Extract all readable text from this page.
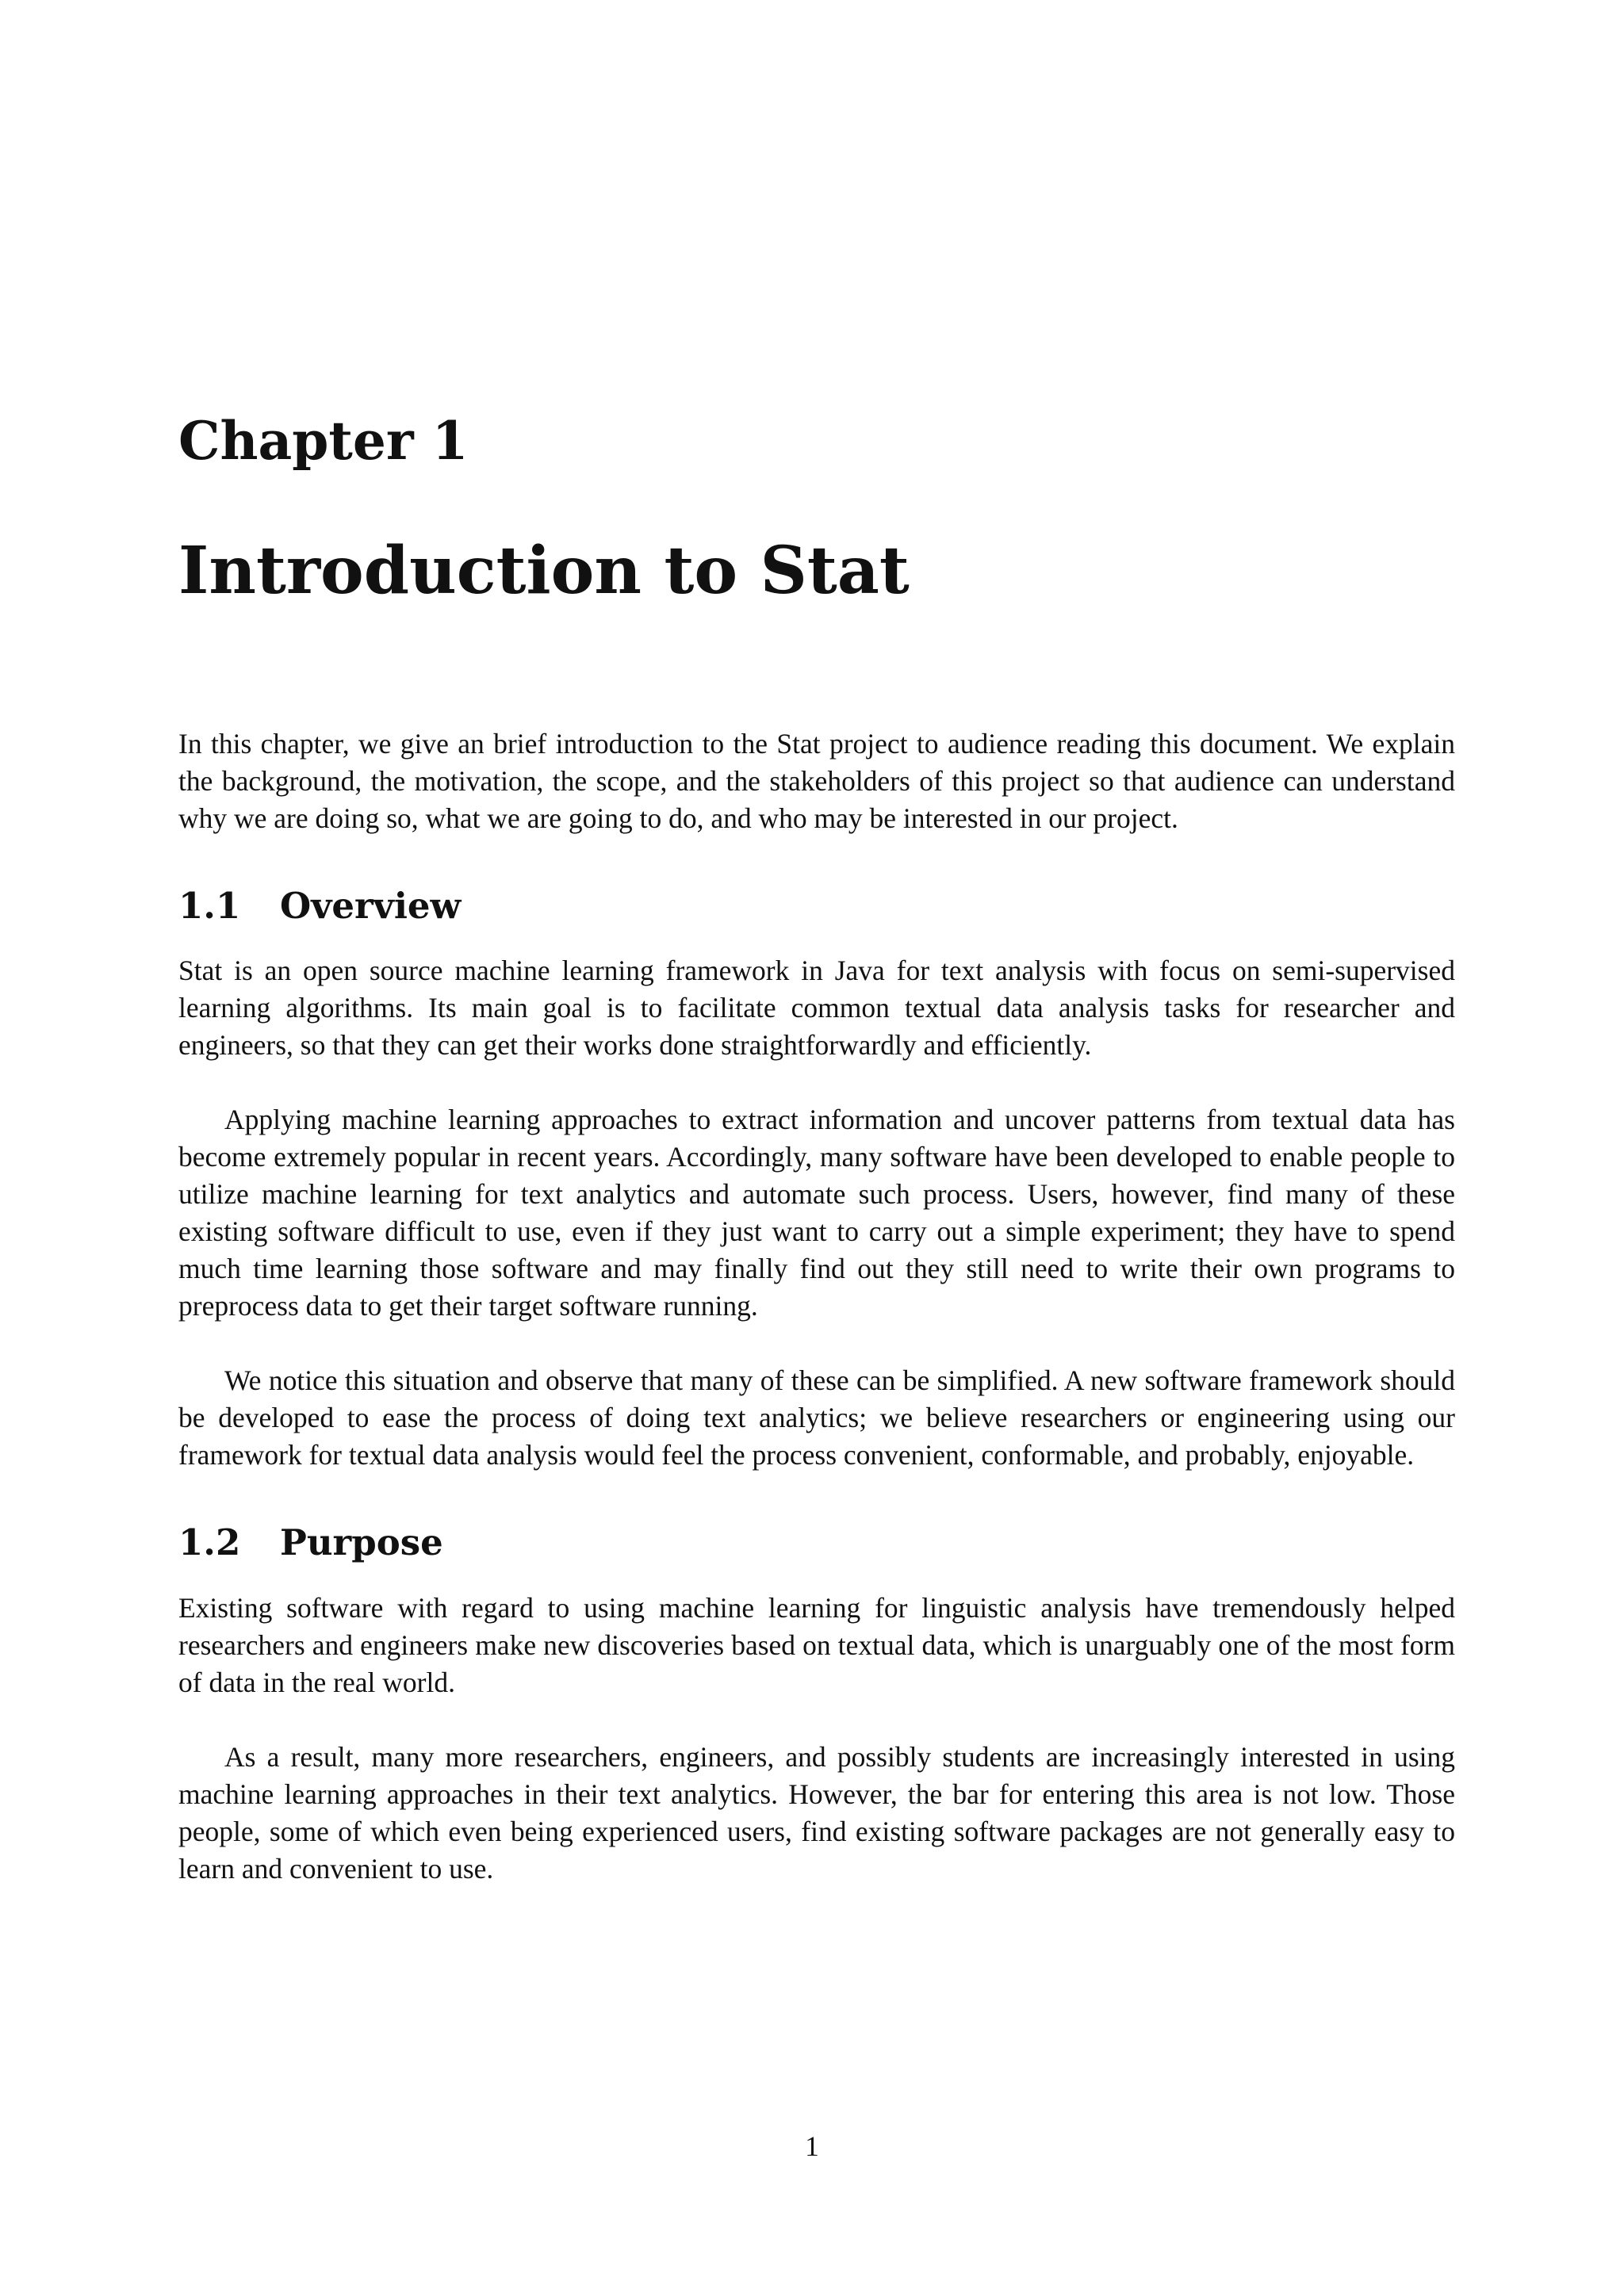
Chapter 1
Introduction to Stat

In this chapter, we give an brief introduction to the Stat project to audience reading this document. We explain the background, the motivation, the scope, and the stakeholders of this project so that audience can understand why we are doing so, what we are going to do, and who may be interested in our project.

1.1	Overview

Stat is an open source machine learning framework in Java for text analysis with focus on semi-supervised learning algorithms. Its main goal is to facilitate common textual data analysis tasks for researcher and engineers, so that they can get their works done straightforwardly and efficiently.

Applying machine learning approaches to extract information and uncover patterns from textual data has become extremely popular in recent years. Accordingly, many software have been developed to enable people to utilize machine learning for text analytics and automate such process. Users, however, find many of these existing software difficult to use, even if they just want to carry out a simple experiment; they have to spend much time learning those software and may finally find out they still need to write their own programs to preprocess data to get their target software running.

We notice this situation and observe that many of these can be simplified. A new software framework should be developed to ease the process of doing text analytics; we believe researchers or engineering using our framework for textual data analysis would feel the process convenient, conformable, and probably, enjoyable.

1.2	Purpose

Existing software with regard to using machine learning for linguistic analysis have tremendously helped researchers and engineers make new discoveries based on textual data, which is unarguably one of the most form of data in the real world.

As a result, many more researchers, engineers, and possibly students are increasingly interested in using machine learning approaches in their text analytics. However, the bar for entering this area is not low. Those people, some of which even being experienced users, find existing software packages are not generally easy to learn and convenient to use.

1
